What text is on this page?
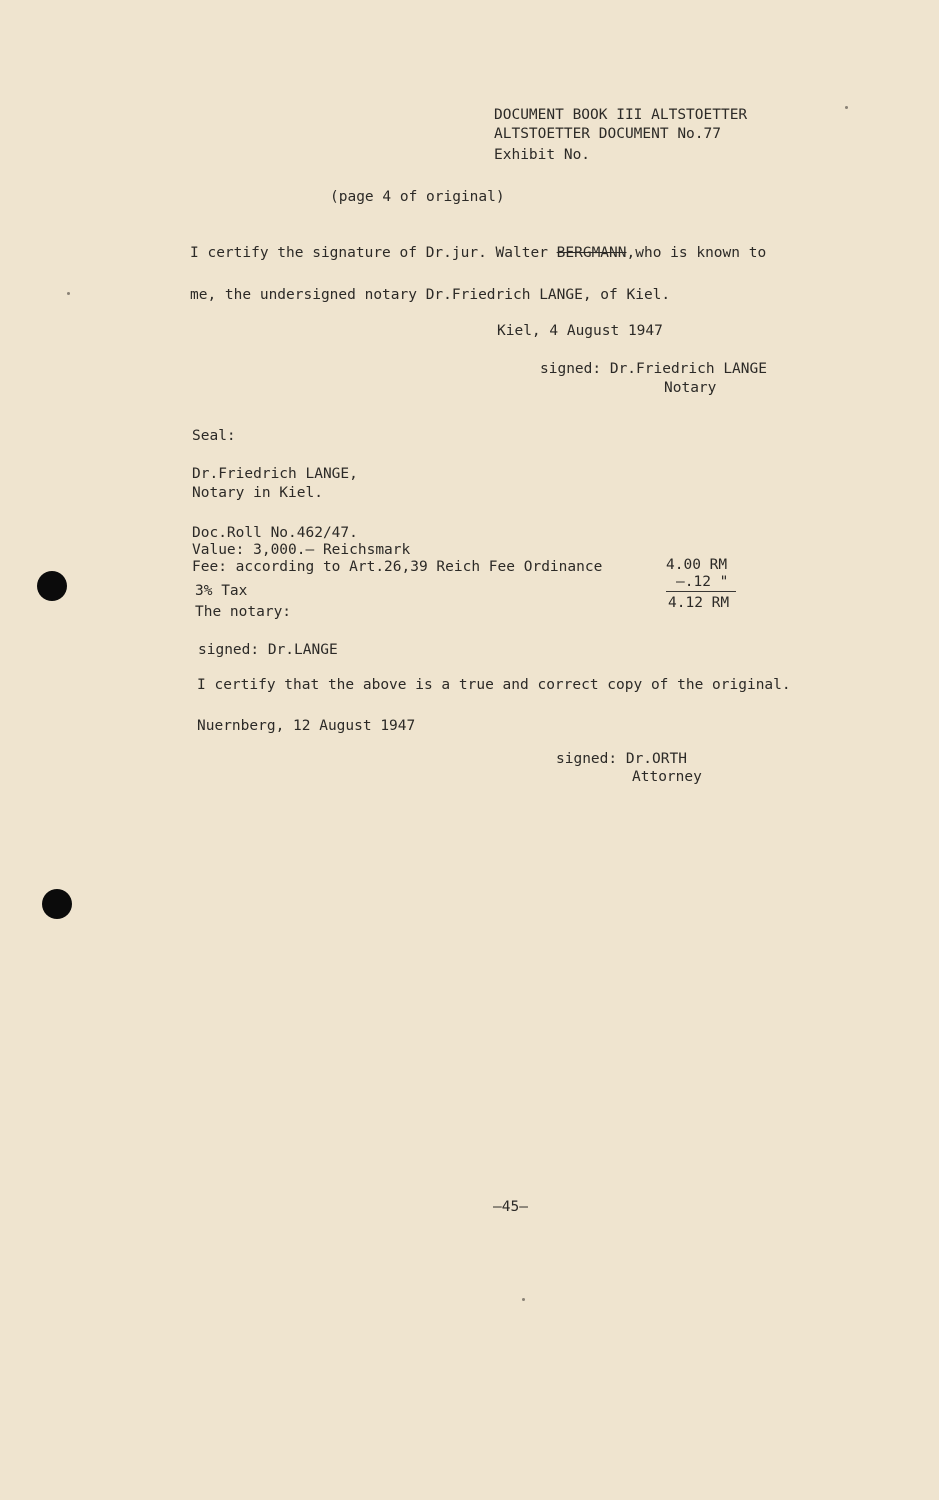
DOCUMENT BOOK III ALTSTOETTER
ALTSTOETTER DOCUMENT No.77
Exhibit No.
(page 4 of original)
I certify the signature of Dr.jur. Walter BERGMANN,who is known to
me, the undersigned notary Dr.Friedrich LANGE, of Kiel.
Kiel, 4 August 1947
signed: Dr.Friedrich LANGE
Notary
Seal:
Dr.Friedrich LANGE,
Notary in Kiel.
Doc.Roll No.462/47.
Value: 3,000.— Reichsmark
Fee: according to Art.26,39 Reich Fee Ordinance	4.00 RM
3% Tax
–.12 "
4.12 RM
The notary:
signed: Dr.LANGE
I certify that the above is a true and correct copy of the original.
Nuernberg, 12 August 1947
signed: Dr.ORTH
Attorney
–45–
